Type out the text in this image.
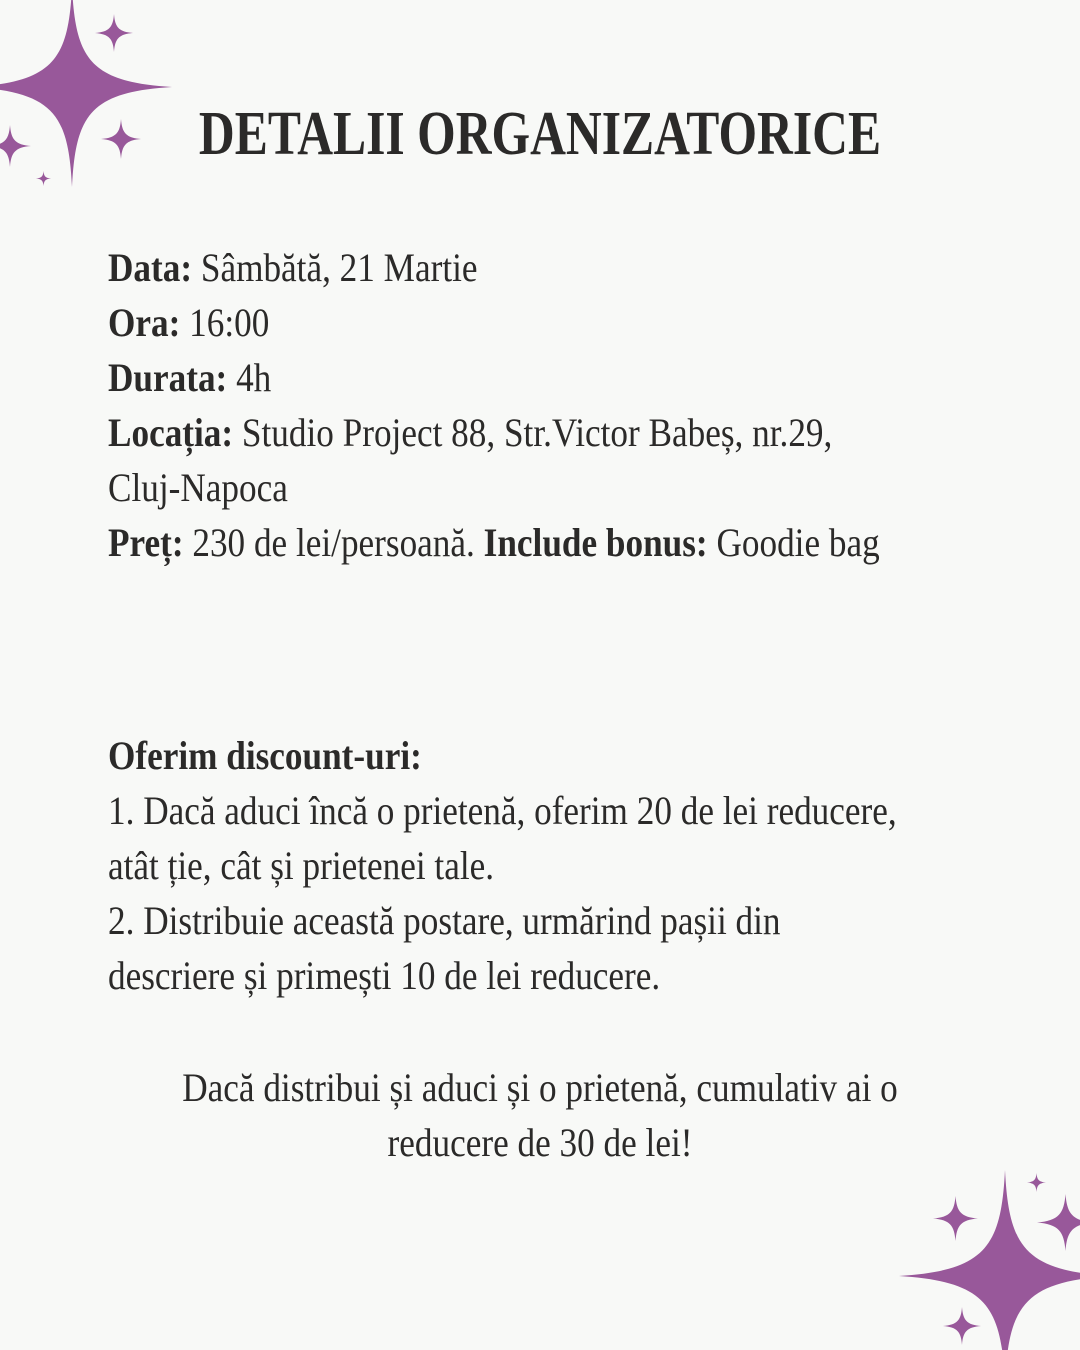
DETALII ORGANIZATORICE

Data: Sâmbătă, 21 Martie

Ora: 16:00

Durata: 4h

Locația: Studio Project 88, Str.Victor Babeș, nr.29,

Cluj-Napoca

Preț: 230 de lei/persoană. Include bonus: Goodie bag

Oferim discount-uri:

1. Dacă aduci încă o prietenă, oferim 20 de lei reducere,

atât ție, cât și prietenei tale.

2. Distribuie această postare, urmărind pașii din

descriere și primești 10 de lei reducere.

Dacă distribui și aduci și o prietenă, cumulativ ai o

reducere de 30 de lei!
